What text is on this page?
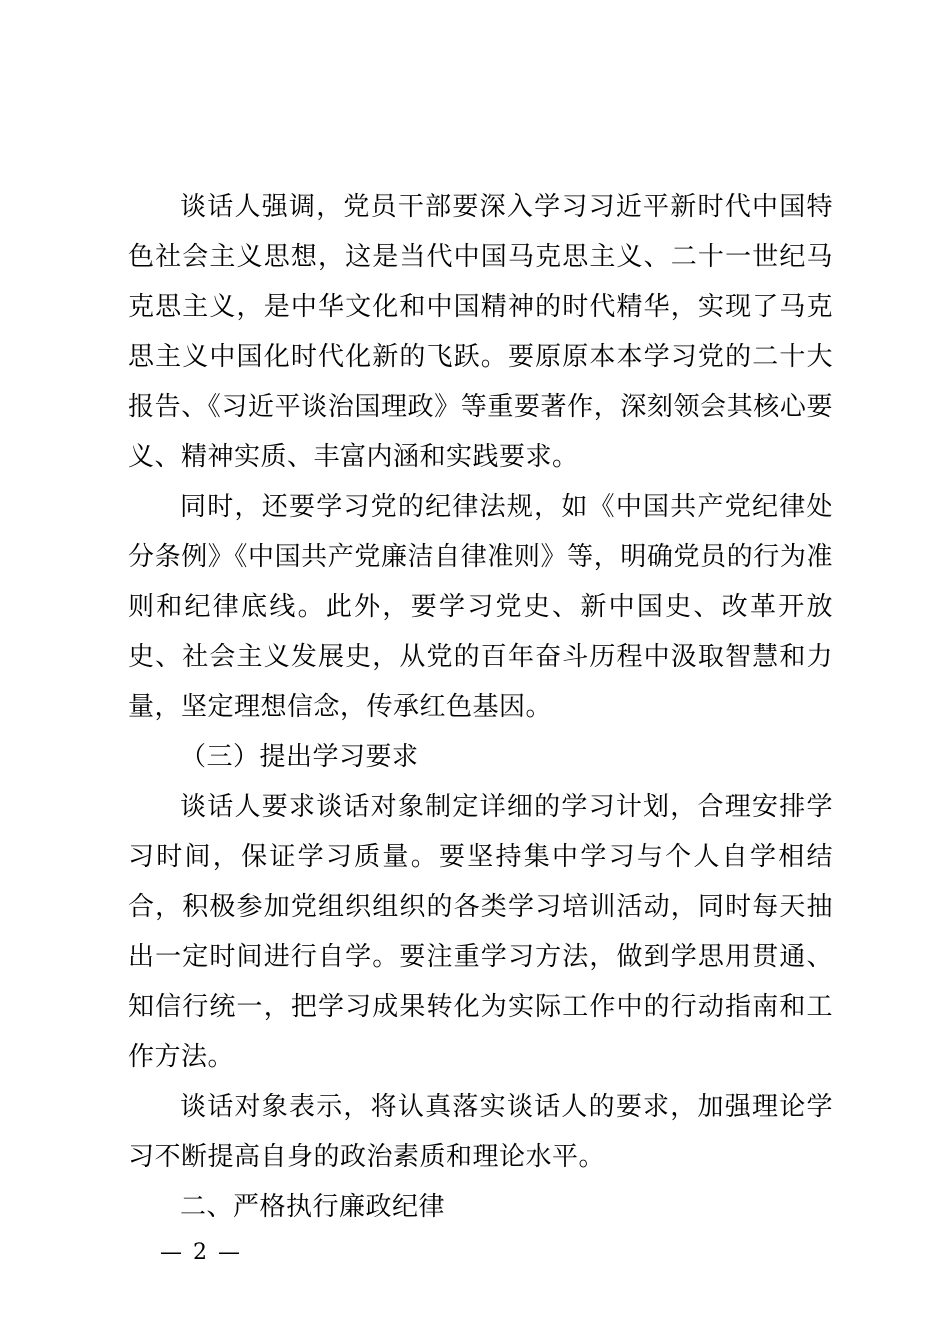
谈话人强调，党员干部要深入学习习近平新时代中国特色社会主义思想，这是当代中国马克思主义、二十一世纪马克思主义，是中华文化和中国精神的时代精华，实现了马克思主义中国化时代化新的飞跃。要原原本本学习党的二十大报告、《习近平谈治国理政》等重要著作，深刻领会其核心要义、精神实质、丰富内涵和实践要求。

同时，还要学习党的纪律法规，如《中国共产党纪律处分条例》《中国共产党廉洁自律准则》等，明确党员的行为准则和纪律底线。此外，要学习党史、新中国史、改革开放史、社会主义发展史，从党的百年奋斗历程中汲取智慧和力量，坚定理想信念，传承红色基因。

（三）提出学习要求

谈话人要求谈话对象制定详细的学习计划，合理安排学习时间，保证学习质量。要坚持集中学习与个人自学相结合，积极参加党组织组织的各类学习培训活动，同时每天抽出一定时间进行自学。要注重学习方法，做到学思用贯通、知信行统一，把学习成果转化为实际工作中的行动指南和工作方法。

谈话对象表示，将认真落实谈话人的要求，加强理论学习不断提高自身的政治素质和理论水平。

二、严格执行廉政纪律

— 2 —
